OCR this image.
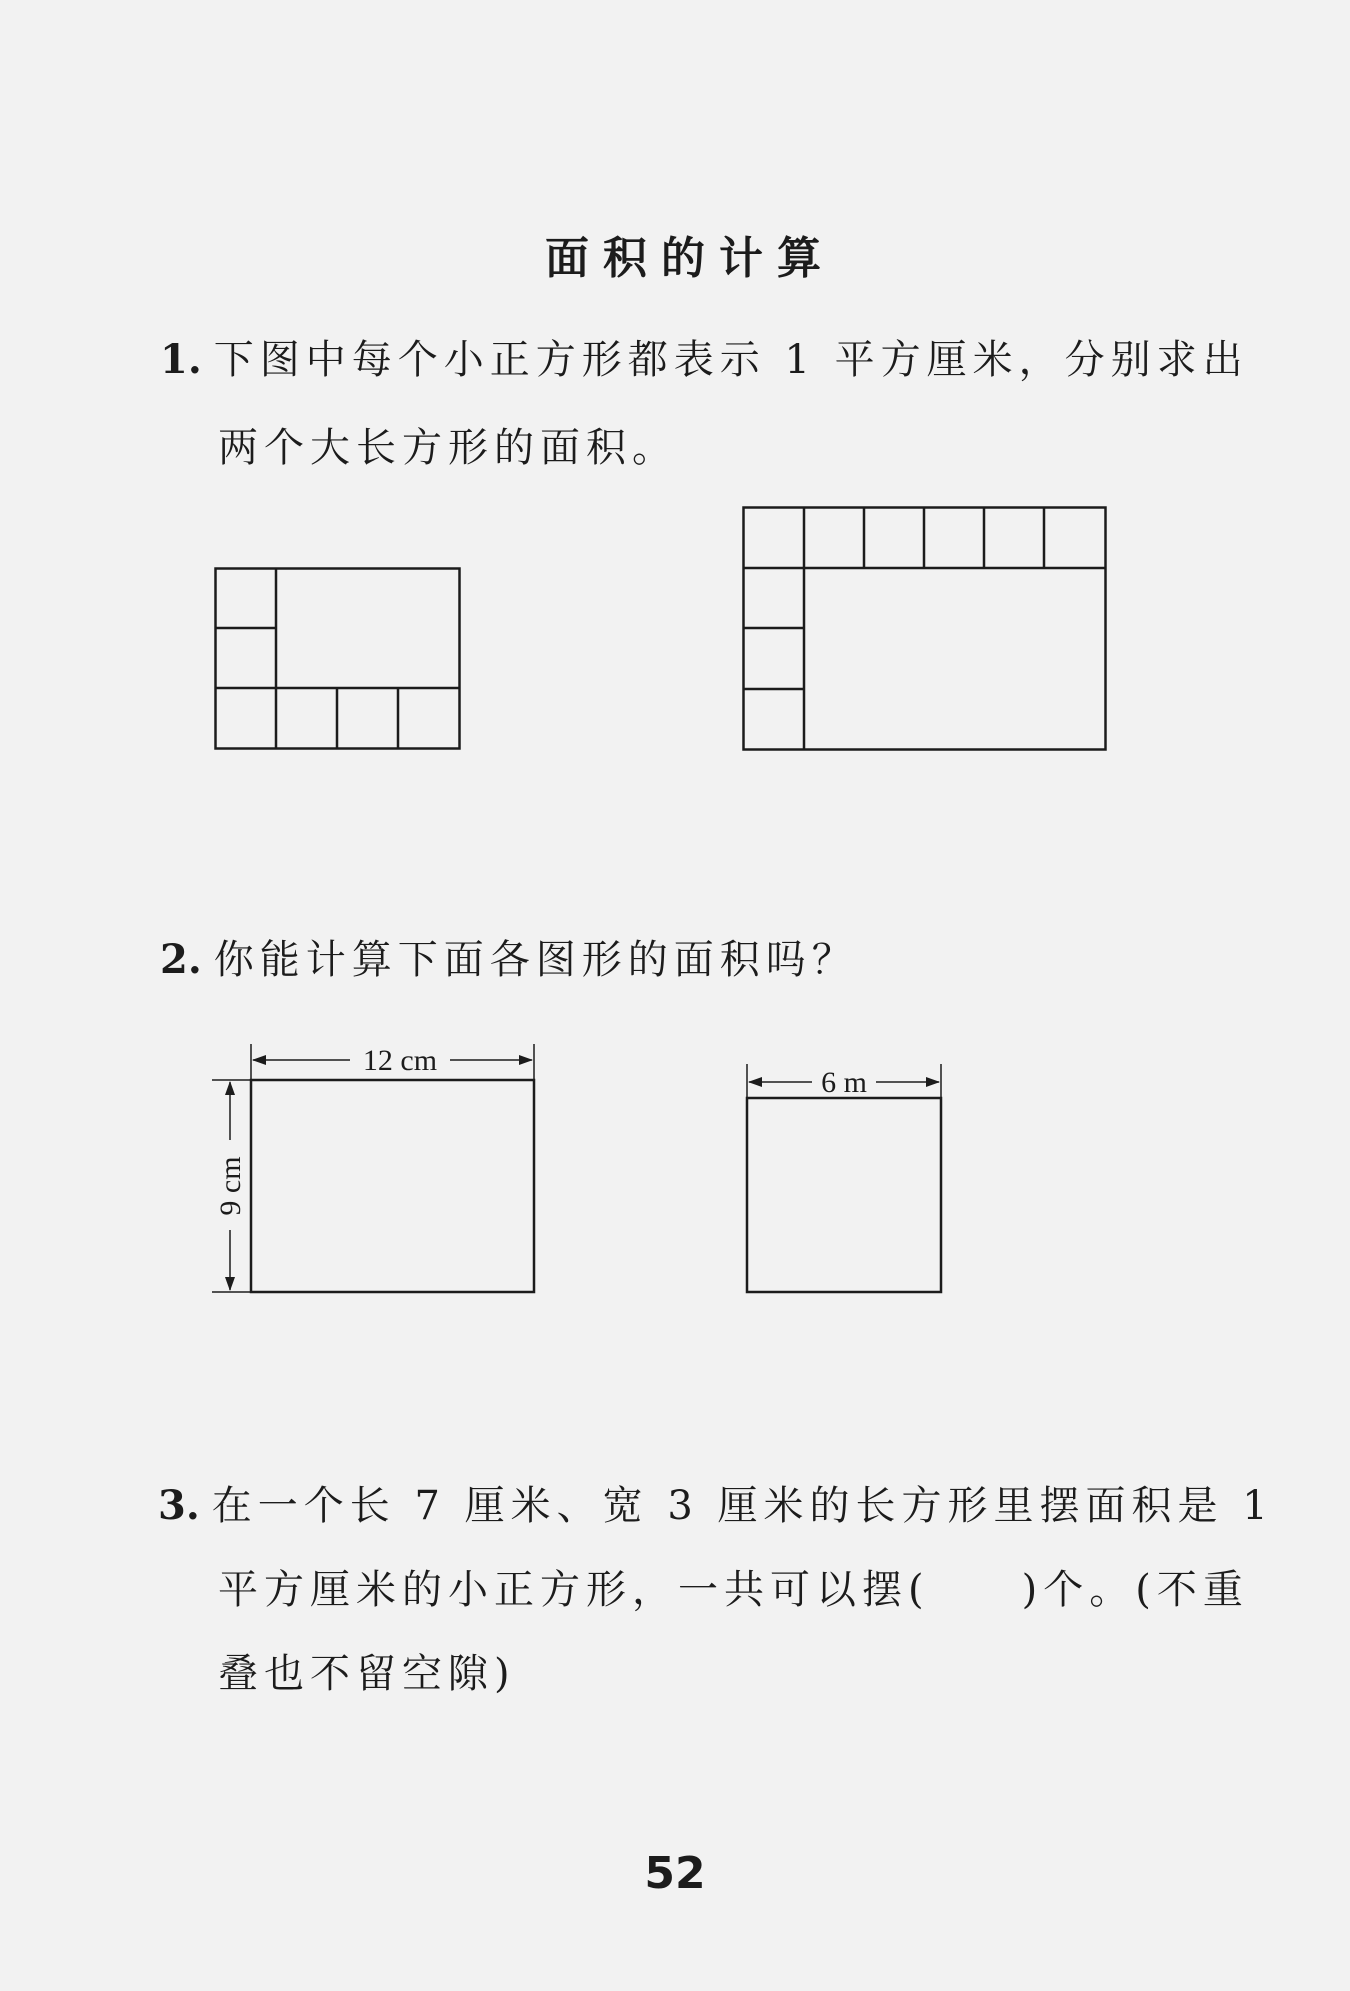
面积的计算
1. 下图中每个小正方形都表示 1 平方厘米，分别求出
两个大长方形的面积。
2. 你能计算下面各图形的面积吗？
12 cm
9 cm
6 m
3. 在一个长 7 厘米、宽 3 厘米的长方形里摆面积是 1
平方厘米的小正方形，一共可以摆(　　)个。(不重
叠也不留空隙)
52
